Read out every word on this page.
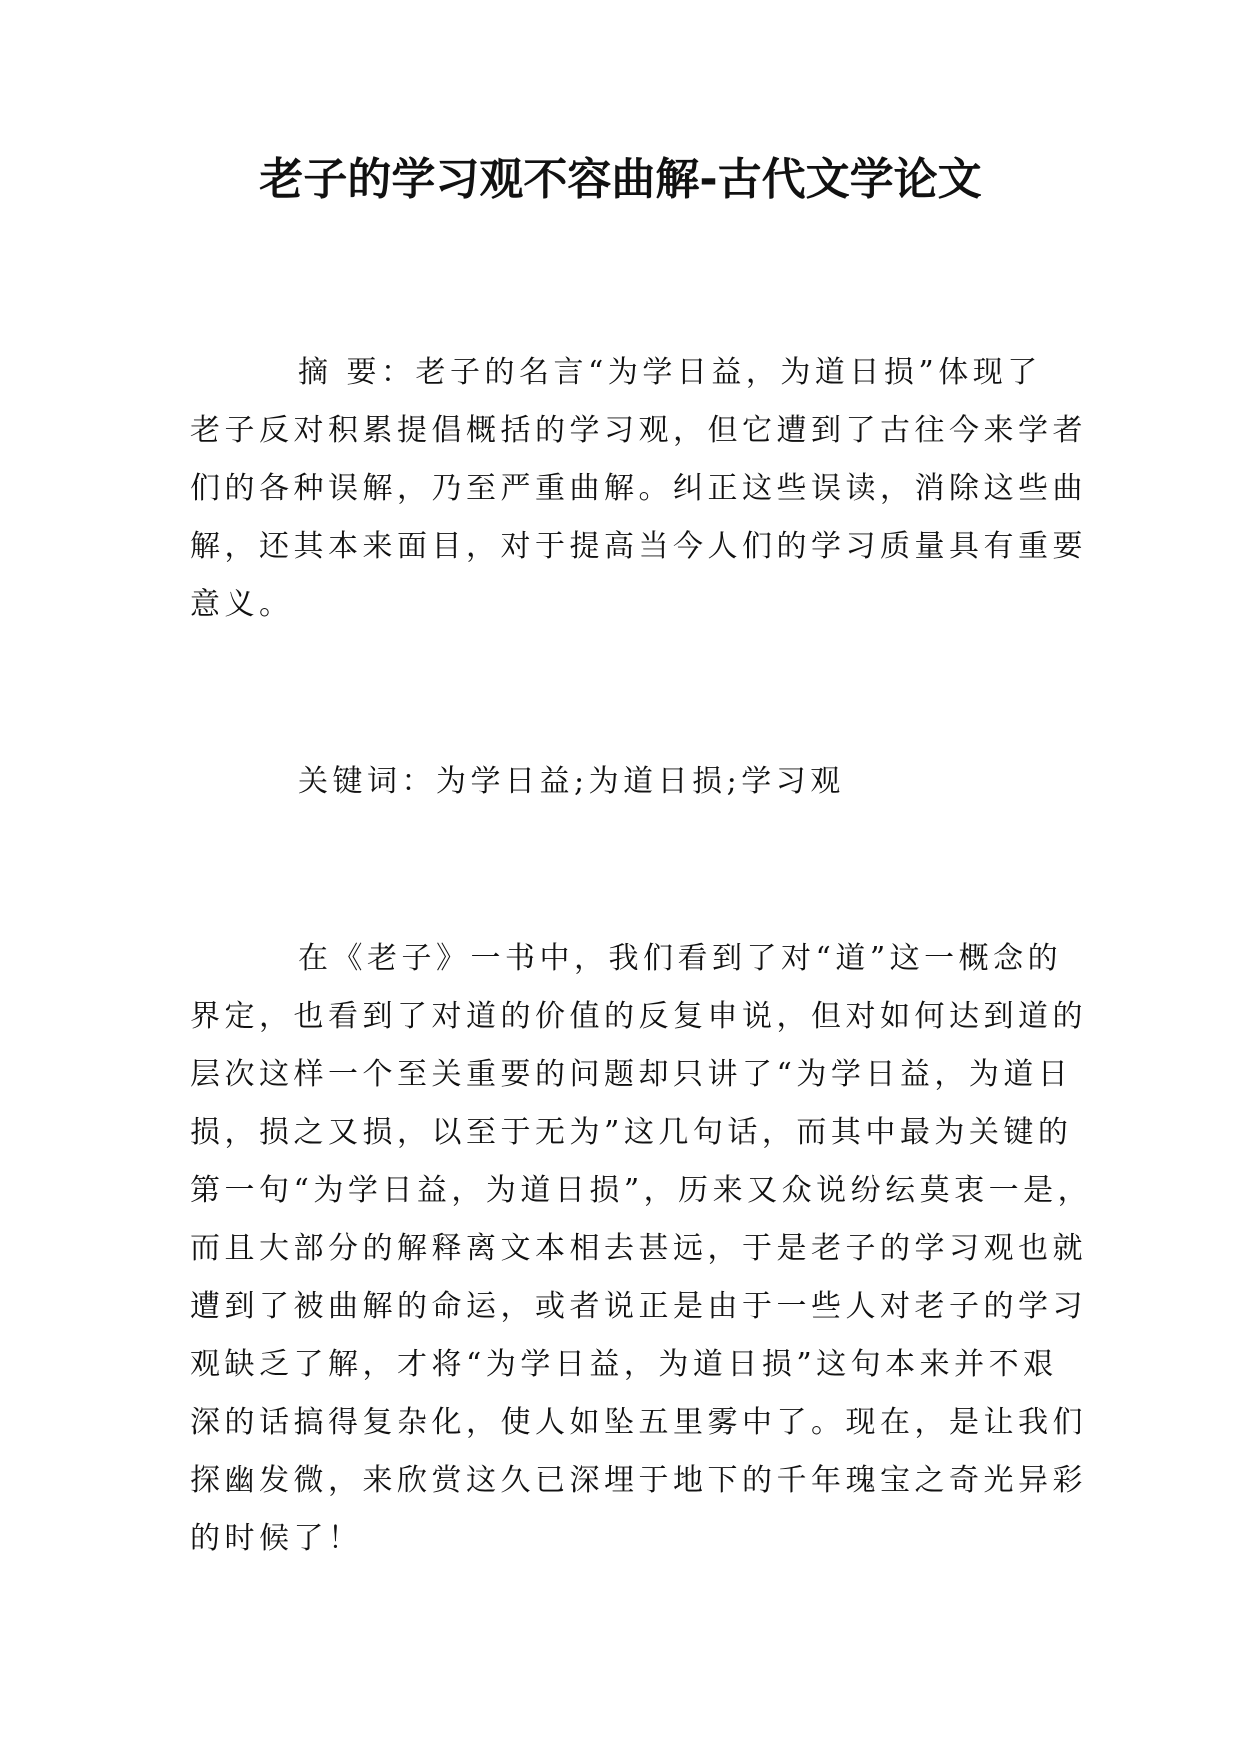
老子的学习观不容曲解-古代文学论文
摘 要：老子的名言“为学日益，为道日损”体现了
老子反对积累提倡概括的学习观，但它遭到了古往今来学者
们的各种误解，乃至严重曲解。纠正这些误读，消除这些曲
解，还其本来面目，对于提高当今人们的学习质量具有重要
意义。
关键词：为学日益;为道日损;学习观
在《老子》一书中，我们看到了对“道”这一概念的
界定，也看到了对道的价值的反复申说，但对如何达到道的
层次这样一个至关重要的问题却只讲了“为学日益，为道日
损，损之又损，以至于无为”这几句话，而其中最为关键的
第一句“为学日益，为道日损”，历来又众说纷纭莫衷一是，
而且大部分的解释离文本相去甚远，于是老子的学习观也就
遭到了被曲解的命运，或者说正是由于一些人对老子的学习
观缺乏了解，才将“为学日益，为道日损”这句本来并不艰
深的话搞得复杂化，使人如坠五里雾中了。现在，是让我们
探幽发微，来欣赏这久已深埋于地下的千年瑰宝之奇光异彩
的时候了！
